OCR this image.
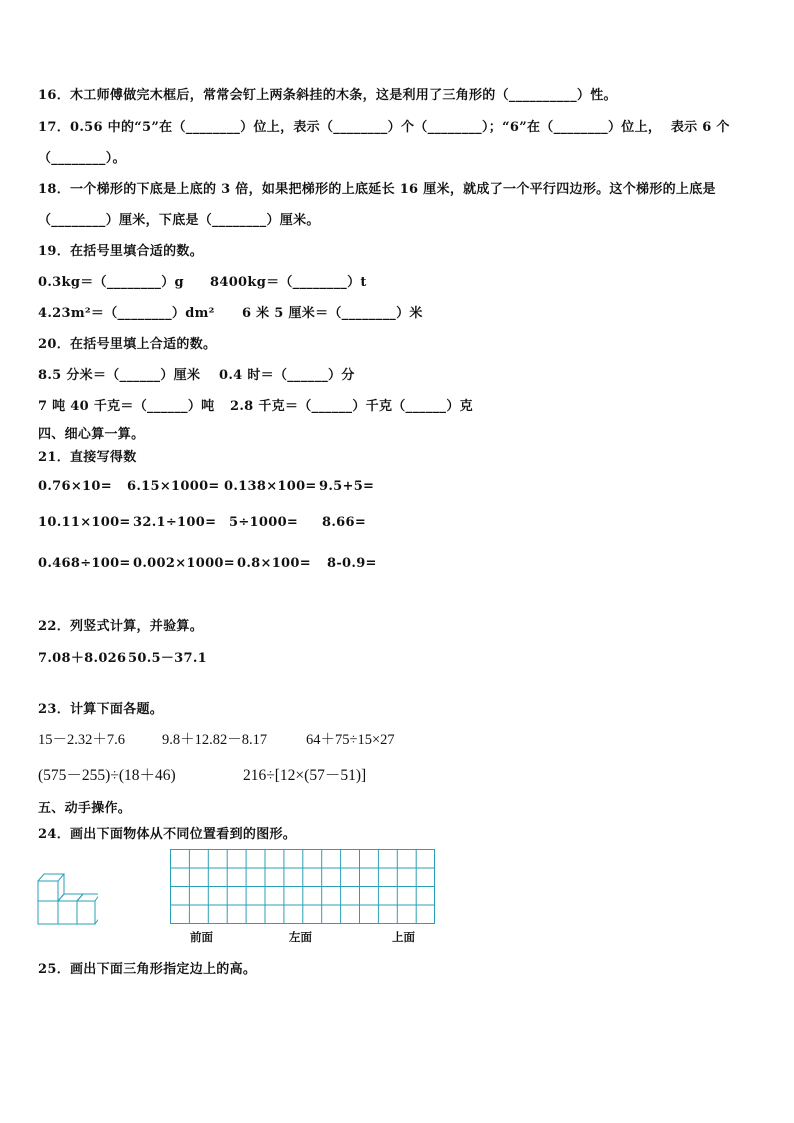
16．木工师傅做完木框后，常常会钉上两条斜挂的木条，这是利用了三角形的（__________）性。
17．0.56 中的“5”在（________）位上，表示（________）个（________）；“6”在（________）位上，  表示 6 个
（________）。
18．一个梯形的下底是上底的 3 倍，如果把梯形的上底延长 16 厘米，就成了一个平行四边形。这个梯形的上底是
（________）厘米，下底是（________）厘米。
19．在括号里填合适的数。
0.3kg＝（________）g 8400kg＝（________）t
4.23m²＝（________）dm² 6 米 5 厘米＝（________）米
20．在括号里填上合适的数。
8.5 分米＝（______）厘米 0.4 时＝（______）分
7 吨 40 千克＝（______）吨 2.8 千克＝（______）千克（______）克
四、细心算一算。
21．直接写得数
0.76×10= 6.15×1000= 0.138×100= 9.5+5=
10.11×100= 32.1÷100= 5÷1000= 8.66=
0.468÷100= 0.002×1000= 0.8×100= 8-0.9=
22．列竖式计算，并验算。
7.08＋8.026 50.5－37.1
23．计算下面各题。
15－2.32＋7.6	9.8＋12.82－8.17	64＋75÷15×27
(575－255)÷(18＋46)	216÷[12×(57－51)]
五、动手操作。
24．画出下面物体从不同位置看到的图形。
前面	左面	上面
25．画出下面三角形指定边上的高。
